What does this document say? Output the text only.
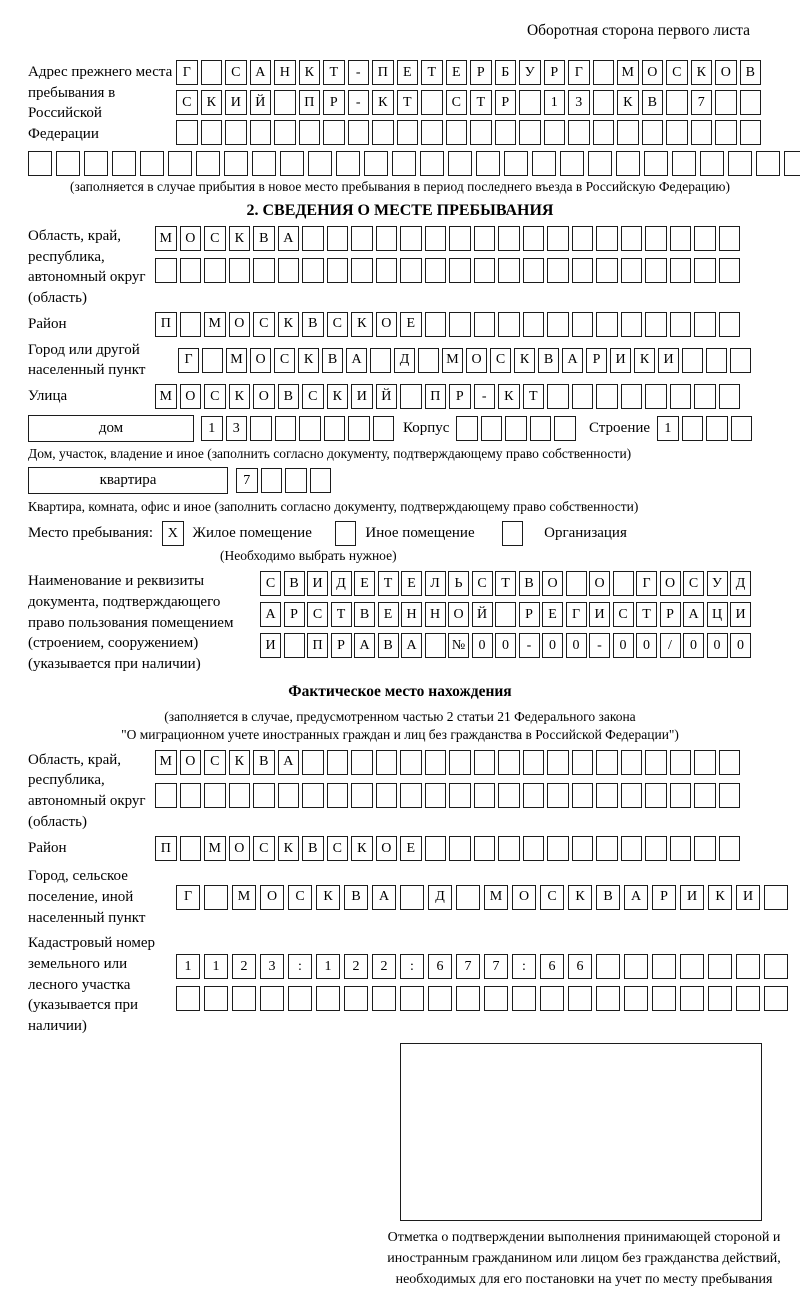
Оборотная сторона первого листа
Адрес прежнего места пребывания в Российской Федерации
Г	С	А	Н	К	Т	-	П	Е	Т	Е	Р	Б	У	Р	Г	М О	С	К	О	В
С	К	И	Й	П	Р	-	К	Т	С	Т	Р	1	3	К	В	7
(заполняется в случае прибытия в новое место пребывания в период последнего въезда в Российскую Федерацию)
2. СВЕДЕНИЯ О МЕСТЕ ПРЕБЫВАНИЯ
Область, край, республика, автономный округ (область)
М О	С	К	В	А
Район	П	М О	С	К	В	С	К	О	Е
Город или другой населенный пункт
Г	М О	С	К	В	А	Д	М О	С	К	В	А	Р	И	К	И
Улица	М О	С	К	О	В	С	К	И	Й	П	Р	-	К	Т
дом	1	3	Корпус	Строение	1
Дом, участок, владение и иное (заполнить согласно документу, подтверждающему право собственности)
квартира	7
Квартира, комната, офис и иное (заполнить согласно документу, подтверждающему право собственности)
Место пребывания:	X Жилое помещение	Иное помещение	Организация
(Необходимо выбрать нужное)
Наименование и реквизиты документа, подтверждающего право пользования помещением (строением, сооружением) (указывается при наличии)
С	В И Д	Е	Т	Е	Л	Ь	С	Т	В О	О	Г	О С У Д
А	Р	С	Т	В	Е	Н Н О Й	Р	Е	Г	И С	Т	Р	А Ц И
И	П	Р	А В А	№ 0	0	-	0	0	-	0	0	/	0	0	0
Фактическое место нахождения
(заполняется в случае, предусмотренном частью 2 статьи 21 Федерального закона
"О миграционном учете иностранных граждан и лиц без гражданства в Российской Федерации")
Область, край, республика, автономный округ (область)
М О	С	К	В	А
Район	П	М О	С	К	В	С	К	О	Е
Город, сельское поселение, иной населенный пункт
Г	М	О	С	К	В	А	Д	М	О	С	К	В	А	Р	И	К	И
Кадастровый номер земельного или лесного участка (указывается при наличии)
1	1	2	3	:	1	2	2	:	6	7	7	:	6	6
Отметка о подтверждении выполнения принимающей стороной и иностранным гражданином или лицом без гражданства действий, необходимых для его постановки на учет по месту пребывания
